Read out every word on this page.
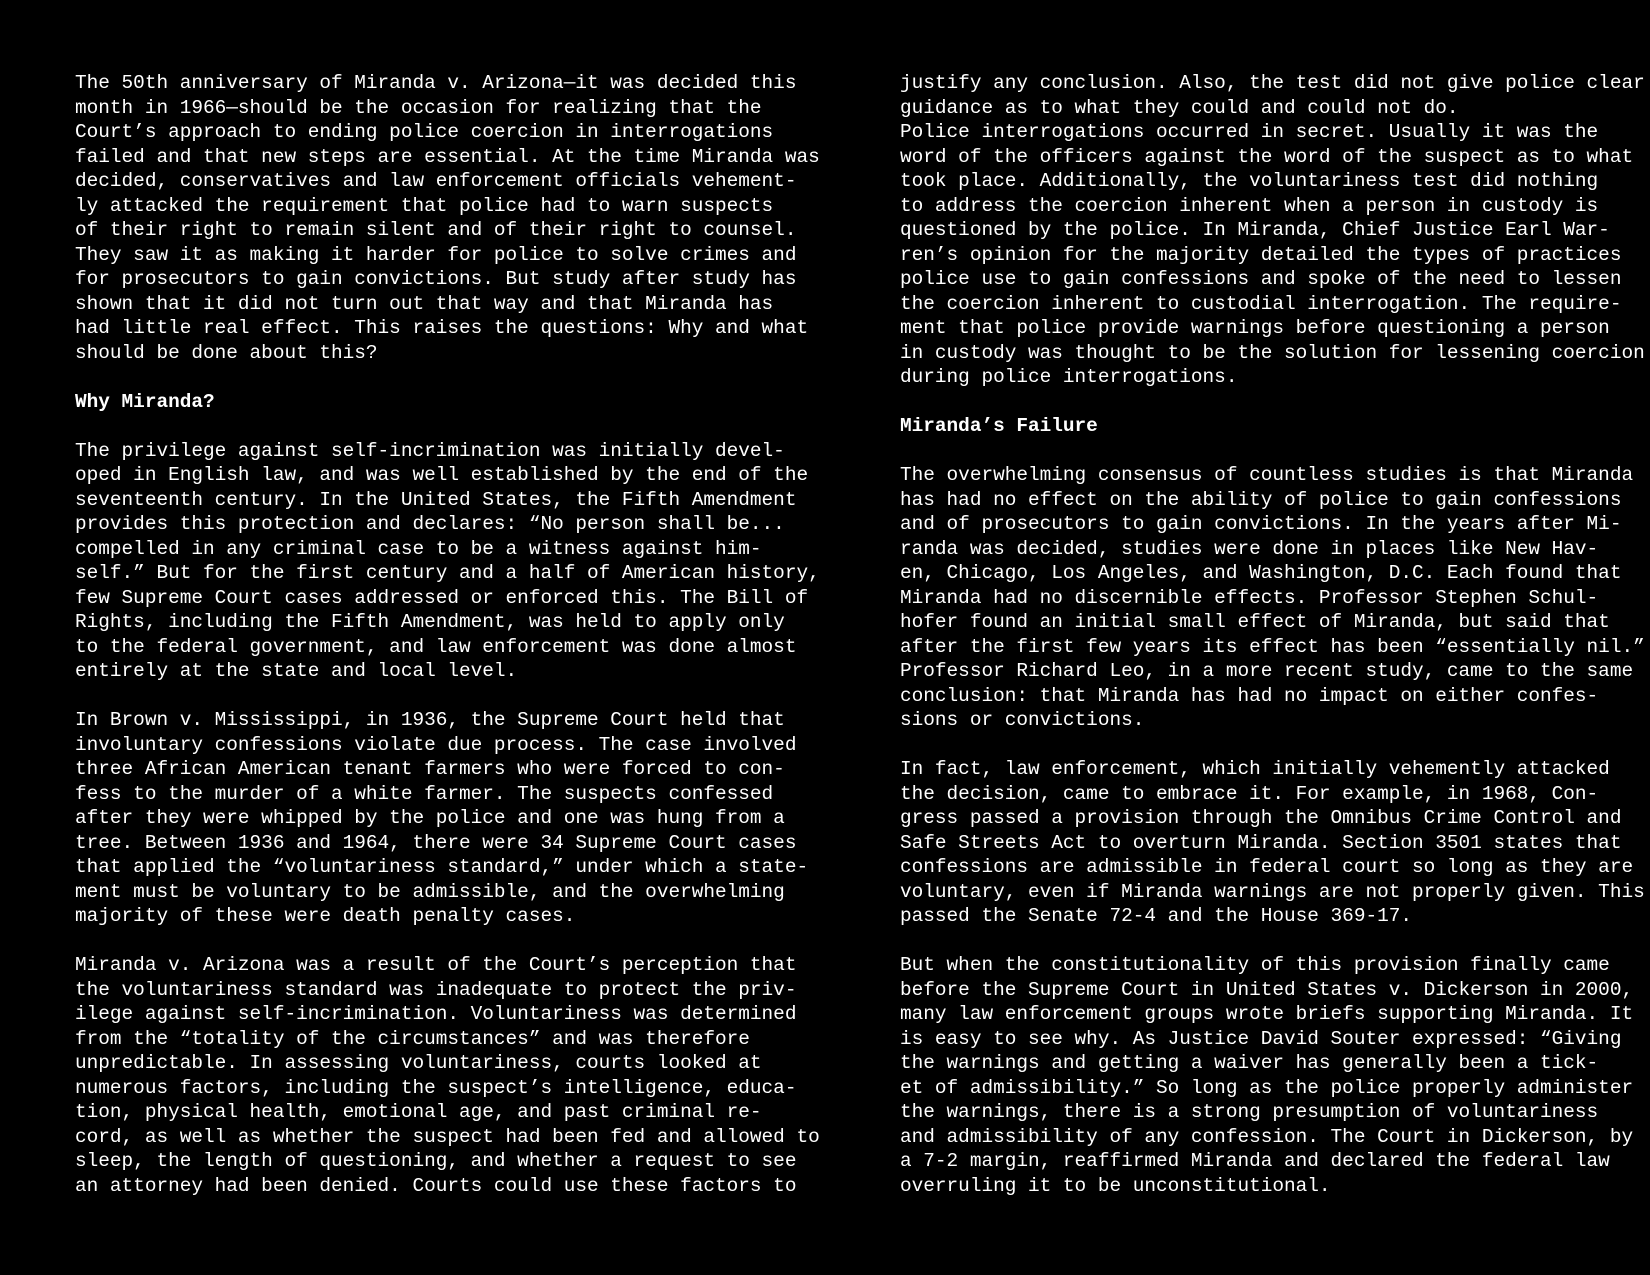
The 50th anniversary of Miranda v. Arizona—it was decided this
month in 1966—should be the occasion for realizing that the
Court’s approach to ending police coercion in interrogations
failed and that new steps are essential. At the time Miranda was
decided, conservatives and law enforcement officials vehement-
ly attacked the requirement that police had to warn suspects
of their right to remain silent and of their right to counsel.
They saw it as making it harder for police to solve crimes and
for prosecutors to gain convictions. But study after study has
shown that it did not turn out that way and that Miranda has
had little real effect. This raises the questions: Why and what
should be done about this?
Why Miranda?
The privilege against self-incrimination was initially devel-
oped in English law, and was well established by the end of the
seventeenth century. In the United States, the Fifth Amendment
provides this protection and declares: “No person shall be...
compelled in any criminal case to be a witness against him-
self.” But for the first century and a half of American history,
few Supreme Court cases addressed or enforced this. The Bill of
Rights, including the Fifth Amendment, was held to apply only
to the federal government, and law enforcement was done almost
entirely at the state and local level.
In Brown v. Mississippi, in 1936, the Supreme Court held that
involuntary confessions violate due process. The case involved
three African American tenant farmers who were forced to con-
fess to the murder of a white farmer. The suspects confessed
after they were whipped by the police and one was hung from a
tree. Between 1936 and 1964, there were 34 Supreme Court cases
that applied the “voluntariness standard,” under which a state-
ment must be voluntary to be admissible, and the overwhelming
majority of these were death penalty cases.
Miranda v. Arizona was a result of the Court’s perception that
the voluntariness standard was inadequate to protect the priv-
ilege against self-incrimination. Voluntariness was determined
from the “totality of the circumstances” and was therefore
unpredictable. In assessing voluntariness, courts looked at
numerous factors, including the suspect’s intelligence, educa-
tion, physical health, emotional age, and past criminal re-
cord, as well as whether the suspect had been fed and allowed to
sleep, the length of questioning, and whether a request to see
an attorney had been denied. Courts could use these factors to
justify any conclusion. Also, the test did not give police clear
guidance as to what they could and could not do.
Police interrogations occurred in secret. Usually it was the
word of the officers against the word of the suspect as to what
took place. Additionally, the voluntariness test did nothing
to address the coercion inherent when a person in custody is
questioned by the police. In Miranda, Chief Justice Earl War-
ren’s opinion for the majority detailed the types of practices
police use to gain confessions and spoke of the need to lessen
the coercion inherent to custodial interrogation. The require-
ment that police provide warnings before questioning a person
in custody was thought to be the solution for lessening coercion
during police interrogations.
Miranda’s Failure
The overwhelming consensus of countless studies is that Miranda
has had no effect on the ability of police to gain confessions
and of prosecutors to gain convictions. In the years after Mi-
randa was decided, studies were done in places like New Hav-
en, Chicago, Los Angeles, and Washington, D.C. Each found that
Miranda had no discernible effects. Professor Stephen Schul-
hofer found an initial small effect of Miranda, but said that
after the first few years its effect has been “essentially nil.”
Professor Richard Leo, in a more recent study, came to the same
conclusion: that Miranda has had no impact on either confes-
sions or convictions.
In fact, law enforcement, which initially vehemently attacked
the decision, came to embrace it. For example, in 1968, Con-
gress passed a provision through the Omnibus Crime Control and
Safe Streets Act to overturn Miranda. Section 3501 states that
confessions are admissible in federal court so long as they are
voluntary, even if Miranda warnings are not properly given. This
passed the Senate 72-4 and the House 369-17.
But when the constitutionality of this provision finally came
before the Supreme Court in United States v. Dickerson in 2000,
many law enforcement groups wrote briefs supporting Miranda. It
is easy to see why. As Justice David Souter expressed: “Giving
the warnings and getting a waiver has generally been a tick-
et of admissibility.” So long as the police properly administer
the warnings, there is a strong presumption of voluntariness
and admissibility of any confession. The Court in Dickerson, by
a 7-2 margin, reaffirmed Miranda and declared the federal law
overruling it to be unconstitutional.
